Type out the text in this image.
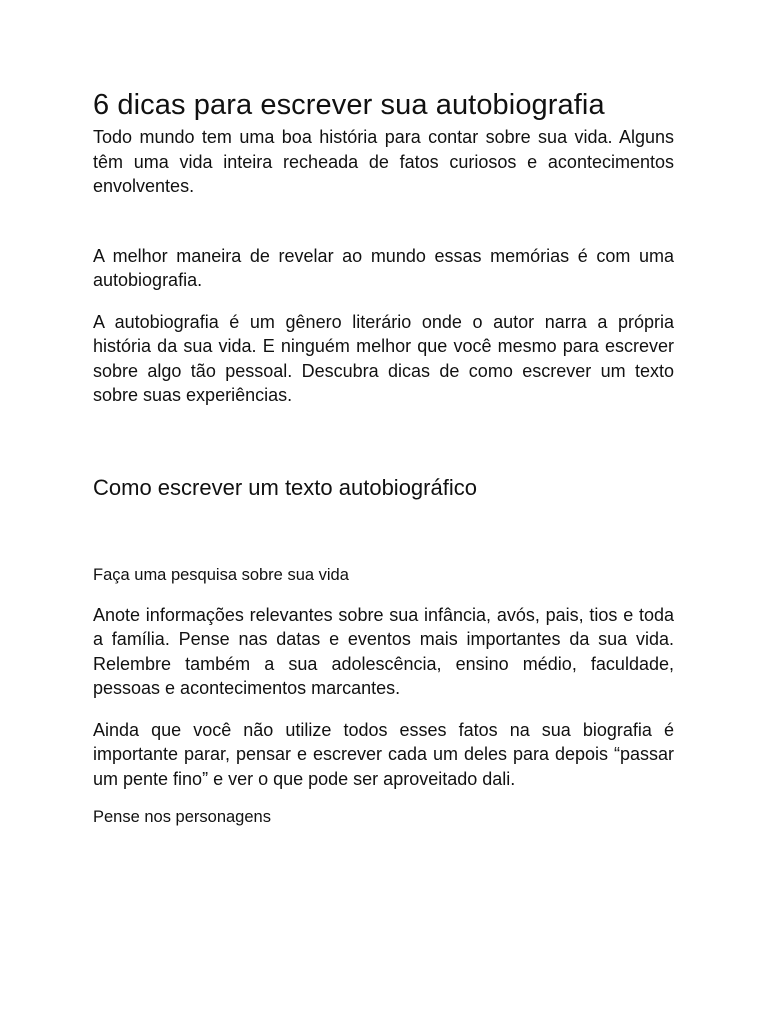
6 dicas para escrever sua autobiografia

Todo mundo tem uma boa história para contar sobre sua vida. Alguns têm uma vida inteira recheada de fatos curiosos e acontecimentos envolventes.

A melhor maneira de revelar ao mundo essas memórias é com uma autobiografia.

A autobiografia é um gênero literário onde o autor narra a própria história da sua vida. E ninguém melhor que você mesmo para escrever sobre algo tão pessoal. Descubra dicas de como escrever um texto sobre suas experiências.

Como escrever um texto autobiográfico
Faça uma pesquisa sobre sua vida

Anote informações relevantes sobre sua infância, avós, pais, tios e toda a família. Pense nas datas e eventos mais importantes da sua vida. Relembre também a sua adolescência, ensino médio, faculdade, pessoas e acontecimentos marcantes.

Ainda que você não utilize todos esses fatos na sua biografia é importante parar, pensar e escrever cada um deles para depois “passar um pente fino” e ver o que pode ser aproveitado dali.

Pense nos personagens
